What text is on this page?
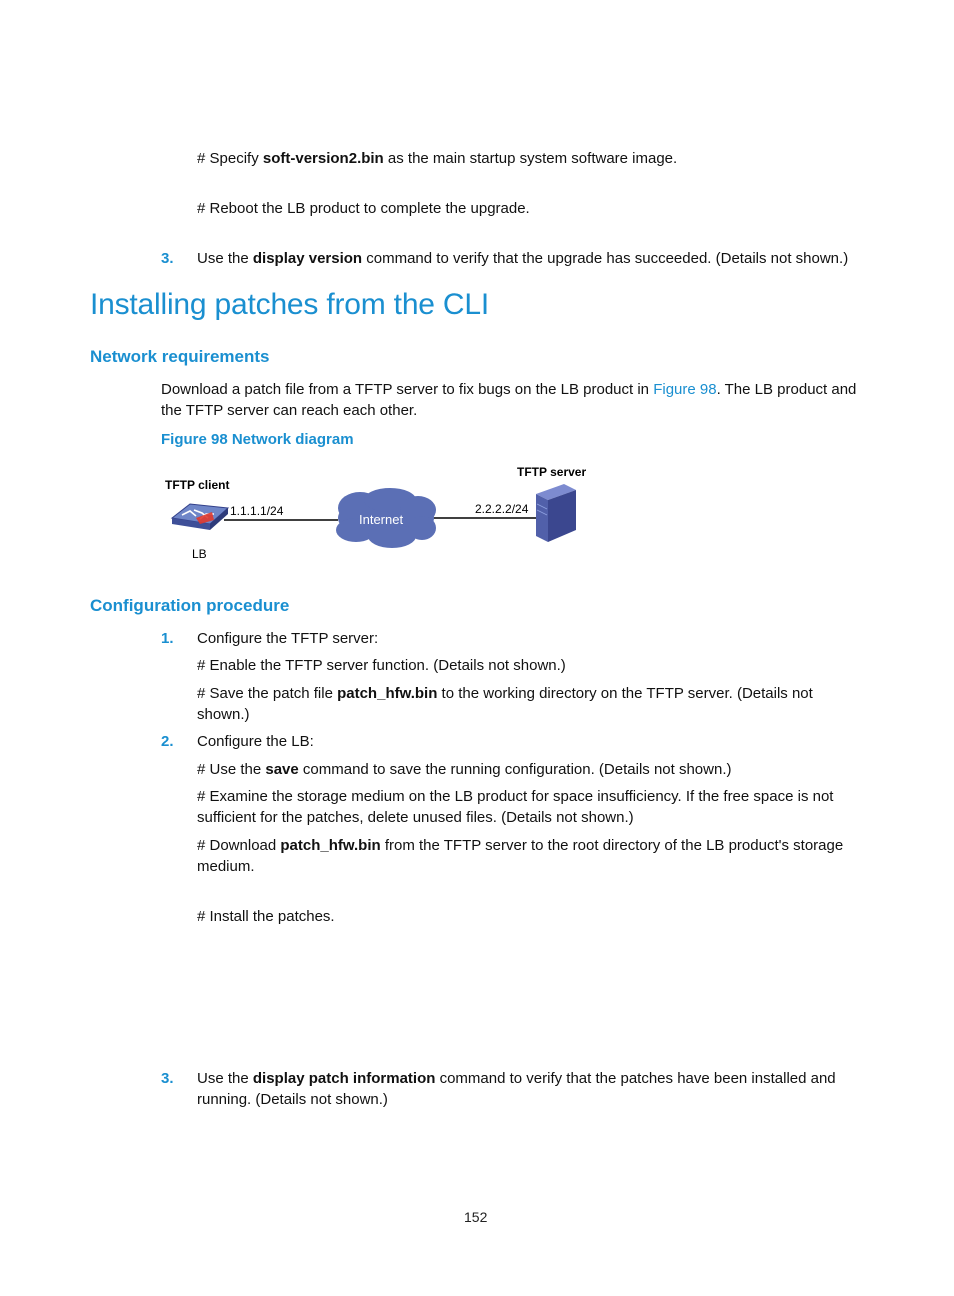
# Specify soft-version2.bin as the main startup system software image.
# Reboot the LB product to complete the upgrade.
3. Use the display version command to verify that the upgrade has succeeded. (Details not shown.)
Installing patches from the CLI
Network requirements
Download a patch file from a TFTP server to fix bugs on the LB product in Figure 98. The LB product and the TFTP server can reach each other.
Figure 98 Network diagram
TFTP client
1.1.1.1/24
LB
Internet
2.2.2.2/24
TFTP server
Configuration procedure
1. Configure the TFTP server:
# Enable the TFTP server function. (Details not shown.)
# Save the patch file patch_hfw.bin to the working directory on the TFTP server. (Details not shown.)
2. Configure the LB:
# Use the save command to save the running configuration. (Details not shown.)
# Examine the storage medium on the LB product for space insufficiency. If the free space is not sufficient for the patches, delete unused files. (Details not shown.)
# Download patch_hfw.bin from the TFTP server to the root directory of the LB product's storage medium.
# Install the patches.
3. Use the display patch information command to verify that the patches have been installed and running. (Details not shown.)
152
